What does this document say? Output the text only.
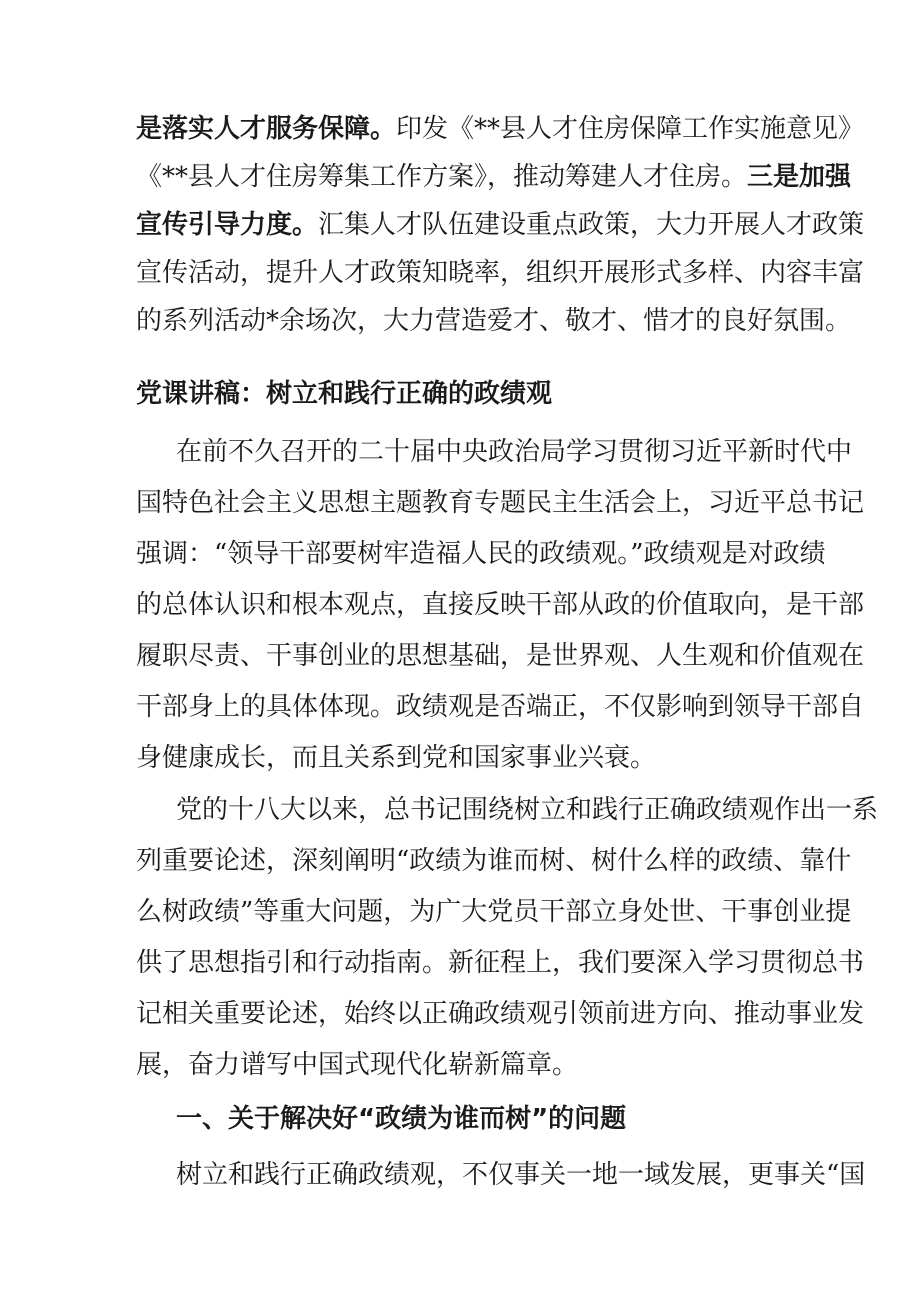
是落实人才服务保障。印发《**县人才住房保障工作实施意见》
《**县人才住房筹集工作方案》，推动筹建人才住房。三是加强
宣传引导力度。汇集人才队伍建设重点政策，大力开展人才政策
宣传活动，提升人才政策知晓率，组织开展形式多样、内容丰富
的系列活动*余场次，大力营造爱才、敬才、惜才的良好氛围。
党课讲稿：树立和践行正确的政绩观
在前不久召开的二十届中央政治局学习贯彻习近平新时代中
国特色社会主义思想主题教育专题民主生活会上，习近平总书记
强调：“领导干部要树牢造福人民的政绩观。”政绩观是对政绩
的总体认识和根本观点，直接反映干部从政的价值取向，是干部
履职尽责、干事创业的思想基础，是世界观、人生观和价值观在
干部身上的具体体现。政绩观是否端正，不仅影响到领导干部自
身健康成长，而且关系到党和国家事业兴衰。
党的十八大以来，总书记围绕树立和践行正确政绩观作出一系
列重要论述，深刻阐明“政绩为谁而树、树什么样的政绩、靠什
么树政绩”等重大问题，为广大党员干部立身处世、干事创业提
供了思想指引和行动指南。新征程上，我们要深入学习贯彻总书
记相关重要论述，始终以正确政绩观引领前进方向、推动事业发
展，奋力谱写中国式现代化崭新篇章。
一、关于解决好“政绩为谁而树”的问题
树立和践行正确政绩观，不仅事关一地一域发展，更事关“国
